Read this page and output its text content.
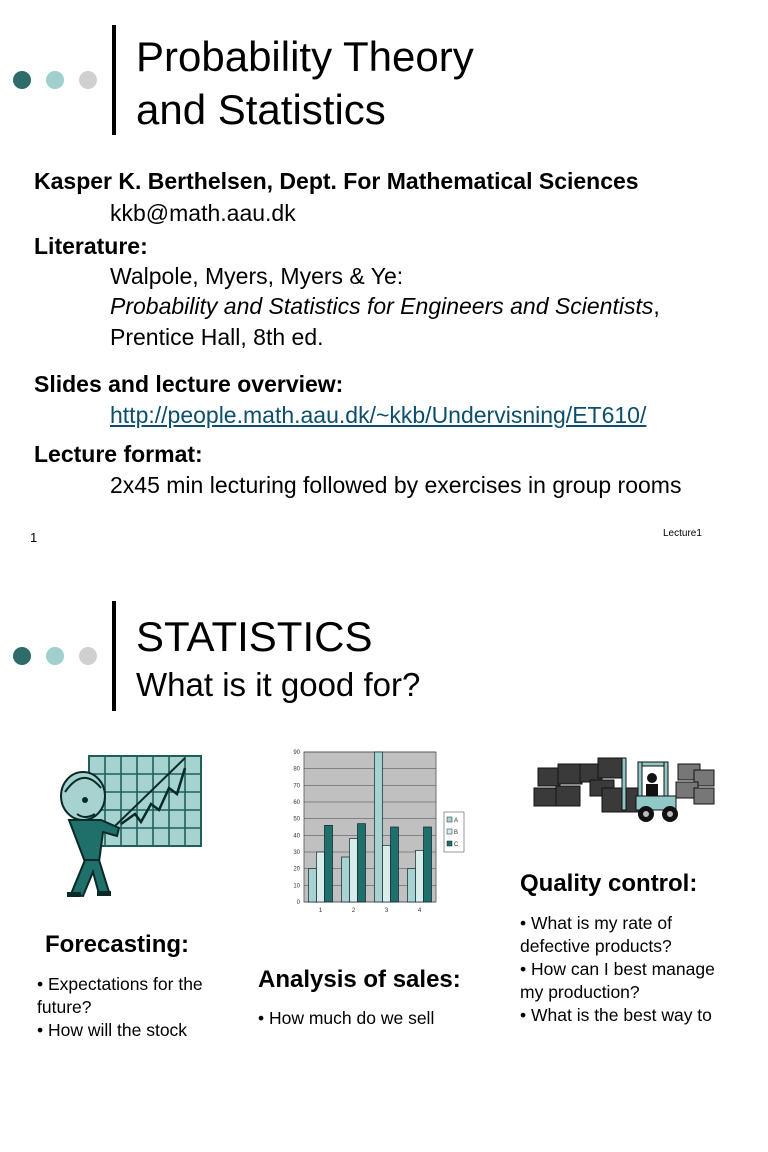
Probability Theory
and Statistics
Kasper K. Berthelsen, Dept. For Mathematical Sciences
kkb@math.aau.dk
Literature:
Walpole, Myers, Myers & Ye:
Probability and Statistics for Engineers and Scientists,
Prentice Hall, 8th ed.
Slides and lecture overview:
http://people.math.aau.dk/~kkb/Undervisning/ET610/
Lecture format:
2x45 min lecturing followed by exercises in group rooms
1	Lecture1
STATISTICS
What is it good for?
Forecasting:
• Expectations for the
future?
• How will the stock
0
10
20
30
40
50
60
70
80
90
1	2	3	4
A
B
C
Analysis of sales:
• How much do we sell
Quality control:
• What is my rate of
defective products?
• How can I best manage
my production?
• What is the best way to
